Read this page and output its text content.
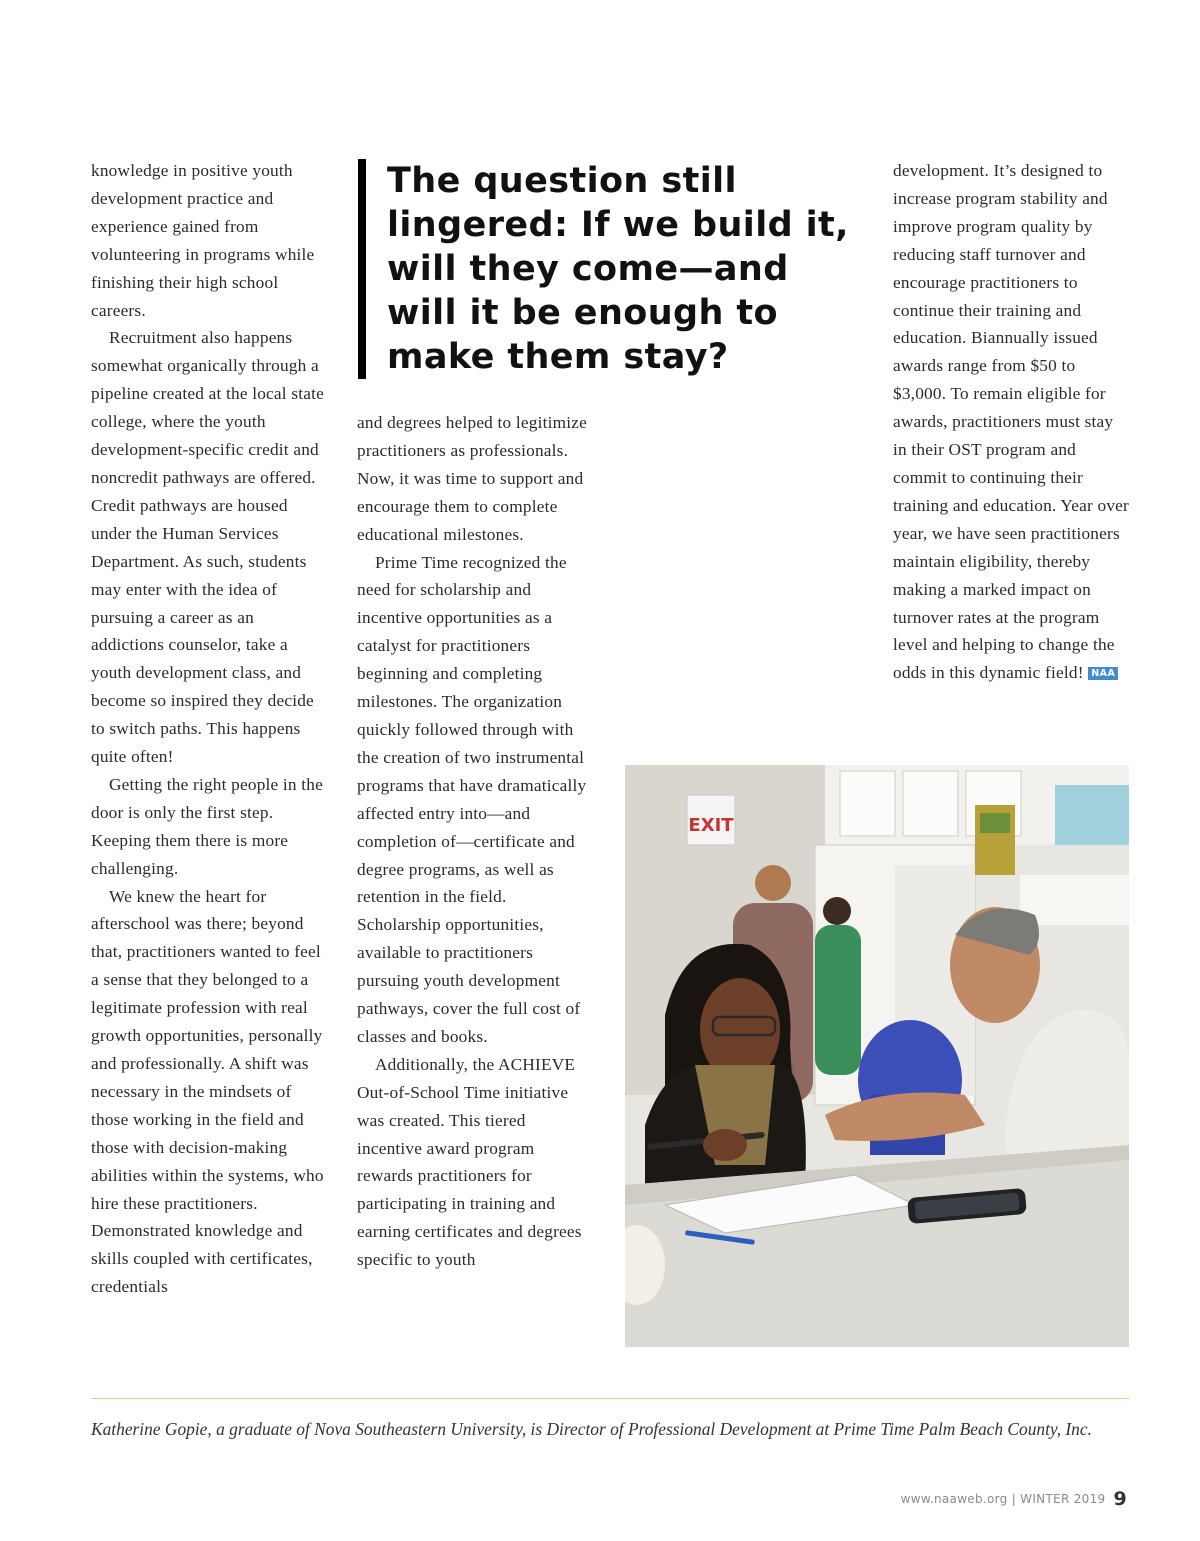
knowledge in positive youth development practice and experience gained from volunteering in programs while finishing their high school careers.

Recruitment also happens somewhat organically through a pipeline created at the local state college, where the youth development-specific credit and noncredit pathways are offered. Credit pathways are housed under the Human Services Department. As such, students may enter with the idea of pursuing a career as an addictions counselor, take a youth development class, and become so inspired they decide to switch paths. This happens quite often!

Getting the right people in the door is only the first step. Keeping them there is more challenging.

We knew the heart for afterschool was there; beyond that, practitioners wanted to feel a sense that they belonged to a legitimate profession with real growth opportunities, personally and professionally. A shift was necessary in the mindsets of those working in the field and those with decision-making abilities within the systems, who hire these practitioners. Demonstrated knowledge and skills coupled with certificates, credentials

The question still lingered: If we build it, will they come—and will it be enough to make them stay?

and degrees helped to legitimize practitioners as professionals. Now, it was time to support and encourage them to complete educational milestones.

Prime Time recognized the need for scholarship and incentive opportunities as a catalyst for practitioners beginning and completing milestones. The organization quickly followed through with the creation of two instrumental programs that have dramatically affected entry into—and completion of—certificate and degree programs, as well as retention in the field. Scholarship opportunities, available to practitioners pursuing youth development pathways, cover the full cost of classes and books.

Additionally, the ACHIEVE Out-of-School Time initiative was created. This tiered incentive award program rewards practitioners for participating in training and earning certificates and degrees specific to youth

development. It’s designed to increase program stability and improve program quality by reducing staff turnover and encourage practitioners to continue their training and education. Biannually issued awards range from $50 to $3,000. To remain eligible for awards, practitioners must stay in their OST program and commit to continuing their training and education. Year over year, we have seen practitioners maintain eligibility, thereby making a marked impact on turnover rates at the program level and helping to change the odds in this dynamic field! NAA

EXIT
Katherine Gopie, a graduate of Nova Southeastern University, is Director of Professional Development at Prime Time Palm Beach County, Inc.
www.naaweb.org | WINTER 2019 9
